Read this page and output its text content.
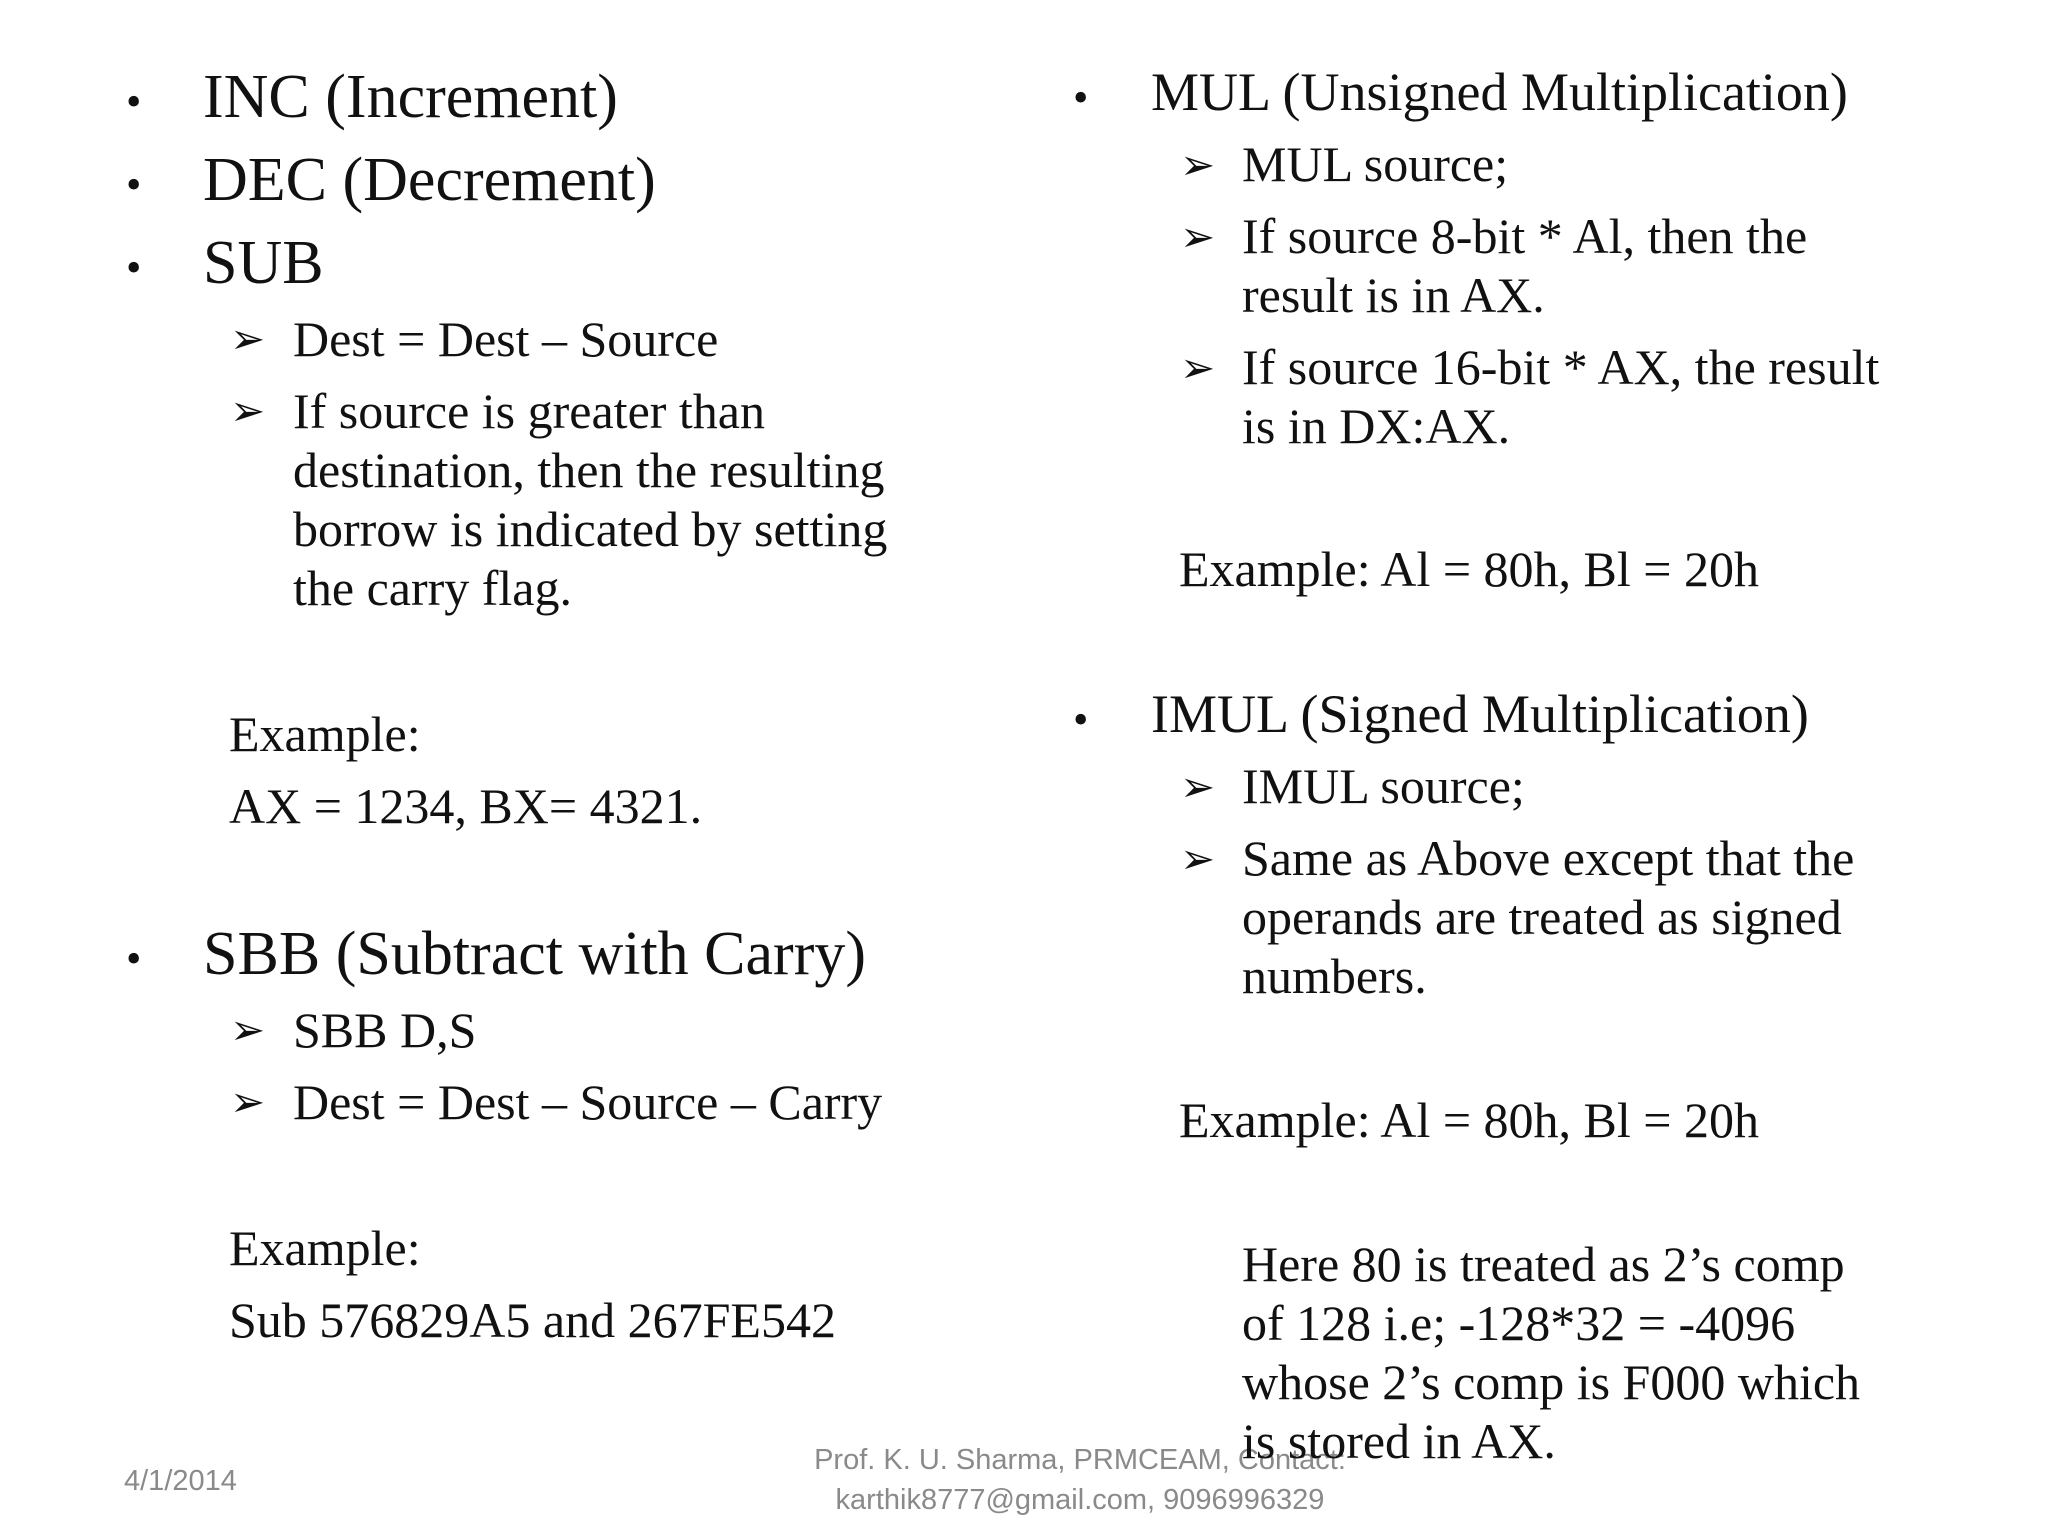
• INC (Increment)
• DEC (Decrement)
• SUB
➢ Dest = Dest – Source
➢ If source is greater than
destination, then the resulting
borrow is indicated by setting
the carry flag.
Example:
AX = 1234, BX= 4321.
• SBB (Subtract with Carry)
➢ SBB D,S
➢ Dest = Dest – Source – Carry
Example:
Sub 576829A5 and 267FE542
• MUL (Unsigned Multiplication)
➢ MUL source;
➢ If source 8-bit * Al, then the
result is in AX.
➢ If source 16-bit * AX, the result
is in DX:AX.
Example: Al = 80h, Bl = 20h
• IMUL (Signed Multiplication)
➢ IMUL source;
➢ Same as Above except that the
operands are treated as signed
numbers.
Example: Al = 80h, Bl = 20h
Here 80 is treated as 2’s comp
of 128 i.e; -128*32 = -4096
whose 2’s comp is F000 which
4/1/2014
Prof. K. U. Sharma, PRMCEAM, Contact:
karthik8777@gmail.com, 9096996329
is stored in AX.
